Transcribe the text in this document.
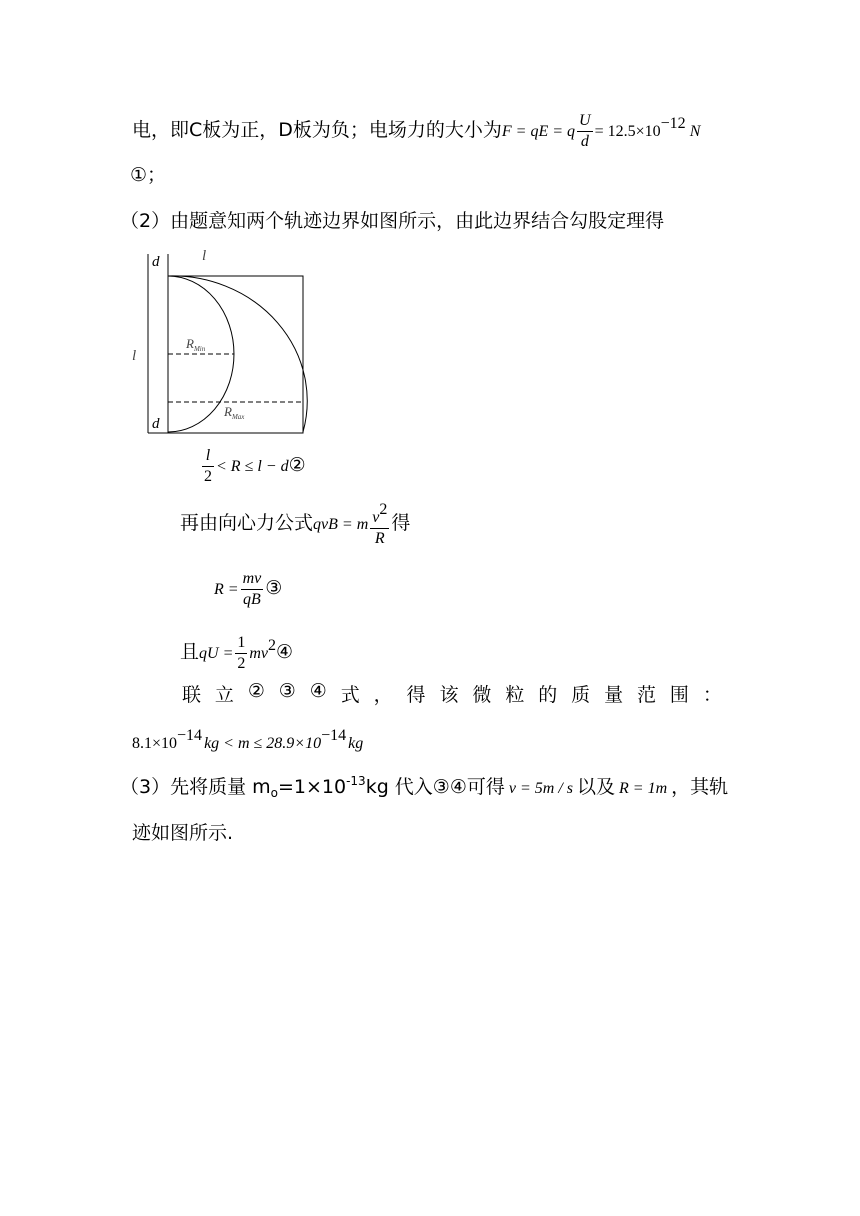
电，即C板为正，D板为负；电场力的大小为F = qE = q $\frac{U}{d} = 12.5\times 10^{-12}$ N
①；
（2）由题意知两个轨迹边界如图所示，由此边界结合勾股定理得
d	l
l
d
$R_{Min}$
$R_{Max}$
$\frac{l}{2} < R \le l$ − d②
再由向心力公式qvB = m $\frac{v^2}{R}$ 得
$R = \frac{mv}{qB}$ ③
且qU = $\frac{1}{2}$ $mv^2④$
联 立 ② ③ ④ 式 ， 得 该 微 粒 的 质 量 范 围 ：
$8.1\times 10^{-14}$ kg < $m \le 28.9\times 10^{-14}$ kg
（3）先将质量 $m_o=1\times 10^{-13}kg$ 代入③④可得 v = 5m / s 以及 R = 1m ，其轨
迹如图所示.
